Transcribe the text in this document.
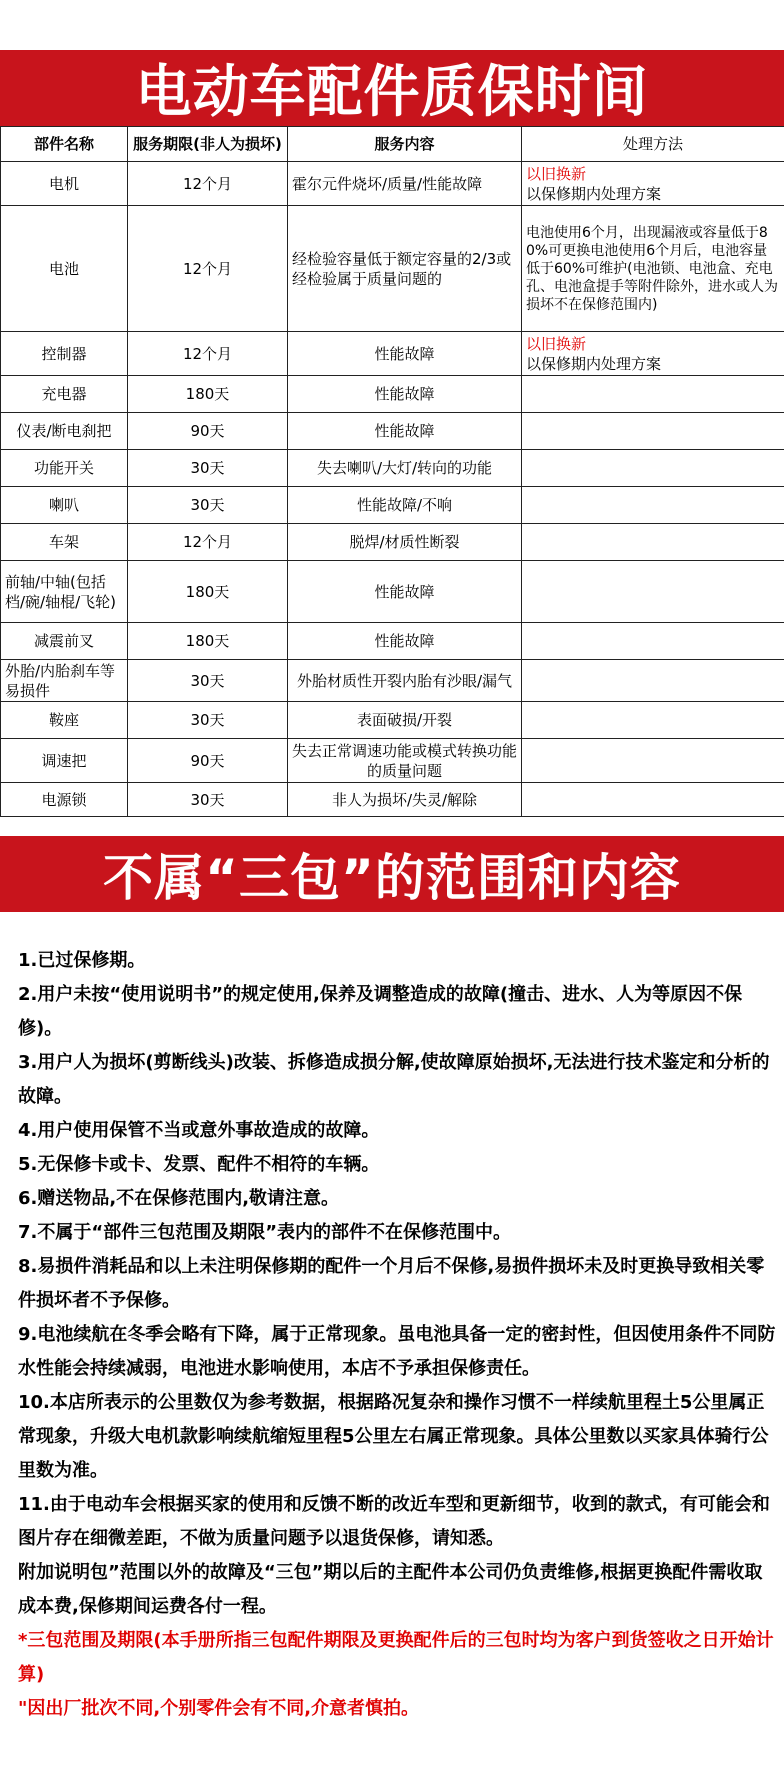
电动车配件质保时间
部件名称	服务期限(非人为损坏)	服务内容	处理方法
电机	12个月	霍尔元件烧坏/质量/性能故障	以旧换新
以保修期内处理方案

电池	12个月	经检验容量低于额定容量的2/3或经检验属于质量问题的	电池使用6个月，出现漏液或容量低于80%可更换电池使用6个月后，电池容量低于60%可维护(电池锁、电池盒、充电孔、电池盒提手等附件除外，进水或人为损坏不在保修范围内)
控制器	12个月	性能故障	以旧换新
以保修期内处理方案

充电器	180天	性能故障	
仪表/断电刹把	90天	性能故障	
功能开关	30天	失去喇叭/大灯/转向的功能	
喇叭	30天	性能故障/不响	
车架	12个月	脱焊/材质性断裂	
前轴/中轴(包括档/碗/轴棍/飞轮)	180天	性能故障	
减震前叉	180天	性能故障	
外胎/内胎刹车等易损件	30天	外胎材质性开裂内胎有沙眼/漏气	
鞍座	30天	表面破损/开裂	
调速把	90天	失去正常调速功能或模式转换功能的质量问题	
电源锁	30天	非人为损坏/失灵/解除	
不属“三包”的范围和内容

1.已过保修期。

2.用户未按“使用说明书”的规定使用,保养及调整造成的故障(撞击、进水、人为等原因不保修)。

3.用户人为损坏(剪断线头)改装、拆修造成损分解,使故障原始损坏,无法进行技术鉴定和分析的故障。

4.用户使用保管不当或意外事故造成的故障。

5.无保修卡或卡、发票、配件不相符的车辆。

6.赠送物品,不在保修范围内,敬请注意。

7.不属于“部件三包范围及期限”表内的部件不在保修范围中。

8.易损件消耗品和以上未注明保修期的配件一个月后不保修,易损件损坏未及时更换导致相关零件损坏者不予保修。

9.电池续航在冬季会略有下降，属于正常现象。虽电池具备一定的密封性，但因使用条件不同防水性能会持续减弱，电池进水影响使用，本店不予承担保修责任。

10.本店所表示的公里数仅为参考数据，根据路况复杂和操作习惯不一样续航里程土5公里属正常现象，升级大电机款影响续航缩短里程5公里左右属正常现象。具体公里数以买家具体骑行公里数为准。

11.由于电动车会根据买家的使用和反馈不断的改近车型和更新细节，收到的款式，有可能会和图片存在细微差距，不做为质量问题予以退货保修，请知悉。

附加说明包”范围以外的故障及“三包”期以后的主配件本公司仍负责维修,根据更换配件需收取成本费,保修期间运费各付一程。

*三包范围及期限(本手册所指三包配件期限及更换配件后的三包时均为客户到货签收之日开始计算)

"因出厂批次不同,个别零件会有不同,介意者慎拍。
